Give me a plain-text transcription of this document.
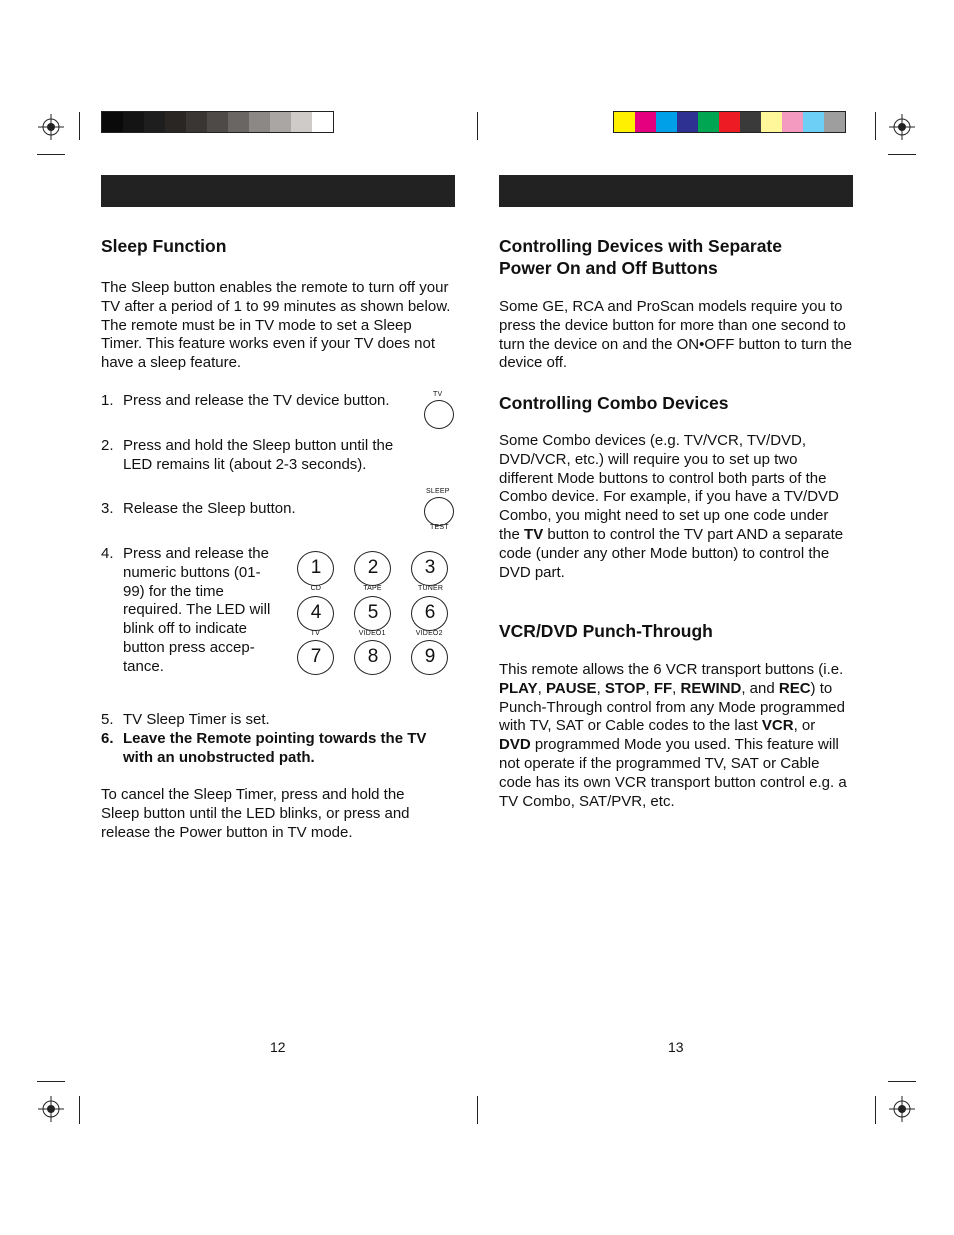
Sleep Function
The Sleep button enables the remote to turn off your TV after a period of 1 to 99 minutes as shown below. The remote must be in TV mode to set a Sleep Timer. This feature works even if your TV does not have a sleep feature.
1. Press and release the TV device button.
2. Press and hold the Sleep button until the LED remains lit (about 2-3 seconds).
3. Release the Sleep button.
4. Press and release the numeric buttons (01-99) for the time required. The LED will blink off to indicate button press accep-tance.
5. TV Sleep Timer is set.
6. Leave the Remote pointing towards the TV with an unobstructed path.
To cancel the Sleep Timer, press and hold the Sleep button until the LED blinks, or press and release the Power button in TV mode.
TV
SLEEP
TEST
1
CD
2
TAPE
3
TUNER
4
TV
5
VIDEO1
6
VIDEO2
7	8	9
12
Controlling Devices with Separate Power On and Off Buttons
Some GE, RCA and ProScan models require you to press the device button for more than one second to turn the device on and the ON•OFF button to turn the device off.
Controlling Combo Devices
Some Combo devices (e.g. TV/VCR, TV/DVD, DVD/VCR, etc.) will require you to set up two different Mode buttons to control both parts of the Combo device. For example, if you have a TV/DVD Combo, you might need to set up one code under the TV button to control the TV part AND a separate code (under any other Mode button) to control the DVD part.
VCR/DVD Punch-Through
This remote allows the 6 VCR transport buttons (i.e. PLAY, PAUSE, STOP, FF, REWIND, and REC) to Punch-Through control from any Mode programmed with TV, SAT or Cable codes to the last VCR, or DVD programmed Mode you used. This feature will not operate if the programmed TV, SAT or Cable code has its own VCR transport button control e.g. a TV Combo, SAT/PVR, etc.
13
